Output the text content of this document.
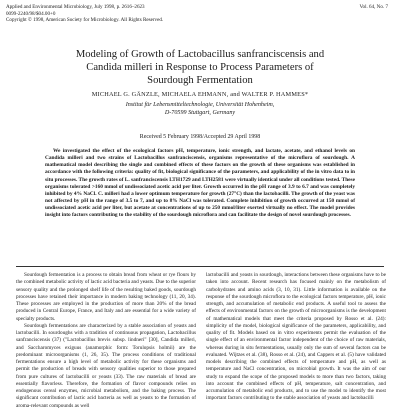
Applied and Environmental Microbiology, July 1998, p. 2616–2623
0099-2240/98/$04.00+0
Copyright © 1998, American Society for Microbiology. All Rights Reserved.
Vol. 64, No. 7
Modeling of Growth of Lactobacillus sanfranciscensis and
Candida milleri in Response to Process Parameters of
Sourdough Fermentation
MICHAEL G. GÄNZLE, MICHAELA EHMANN, and WALTER P. HAMMES*
Institut für Lebensmitteltechnologie, Universität Hohenheim,
D-70599 Stuttgart, Germany
Received 5 February 1998/Accepted 29 April 1998
We investigated the effect of the ecological factors pH, temperature, ionic strength, and lactate, acetate, and ethanol levels on Candida milleri and two strains of Lactobacillus sanfranciscensis, organisms representative of the microflora of sourdough. A mathematical model describing the single and combined effects of these factors on the growth of these organisms was established in accordance with the following criteria: quality of fit, biological significance of the parameters, and applicability of the in vitro data to in situ processes. The growth rates of L. sanfranciscensis LTH1729 and LTH2581 were virtually identical under all conditions tested. These organisms tolerated >160 mmol of undissociated acetic acid per liter. Growth occurred in the pH range of 3.9 to 6.7 and was completely inhibited by 4% NaCl. C. milleri had a lower optimum temperature for growth (27°C) than the lactobacilli. The growth of the yeast was not affected by pH in the range of 3.5 to 7, and up to 8% NaCl was tolerated. Complete inhibition of growth occurred at 150 mmol of undissociated acetic acid per liter, but acetate at concentrations of up to 250 mmol/liter exerted virtually no effect. The model provides insight into factors contributing to the stability of the sourdough microflora and can facilitate the design of novel sourdough processes.

Sourdough fermentation is a process to obtain bread from wheat or rye flours by the combined metabolic activity of lactic acid bacteria and yeasts. Due to the superior sensory quality and the prolonged shelf life of the resulting baked goods, sourdough processes have retained their importance in modern baking technology (11, 20, 34). These processes are employed in the production of more than 20% of the bread produced in Central Europe, France, and Italy and are essential for a wide variety of specialty products.

Sourdough fermentations are characterized by a stable association of yeasts and lactobacilli. In sourdoughs with a tradition of continuous propagation, Lactobacillus sanfranciscensis (37) ("Lactobacillus brevis subsp. lindneri" [30], Candida milleri, and Saccharomyces exiguus (anamorphic form: Torulopsis holmii) are the predominant microorganisms (1, 26, 35). The process conditions of traditional fermentations ensure a high level of metabolic activity for these organisms and permit the production of breads with sensory qualities superior to those prepared from pure cultures of lactobacilli or yeasts (33). The raw materials of bread are essentially flavorless. Therefore, the formation of flavor compounds relies on endogenous cereal enzymes, microbial metabolism, and the baking process. The significant contribution of lactic acid bacteria as well as yeasts to the formation of aroma-relevant compounds as well

lactobacilli and yeasts in sourdough, interactions between these organisms have to be taken into account. Recent research has focused mainly on the metabolism of carbohydrates and amino acids (3, 10, 31). Little information is available on the response of the sourdough microflora to the ecological factors temperature, pH, ionic strength, and accumulation of metabolic end products. A useful tool to assess the effects of environmental factors on the growth of microorganisms is the development of mathematical models that meet the criteria proposed by Rosso et al. (24): simplicity of the model, biological significance of the parameters, applicability, and quality of fit. Models based on in vitro experiments permit the evaluation of the single effect of an environmental factor independent of the choice of raw materials, whereas during in situ fermentations, usually only the sum of several factors can be evaluated. Wijtzes et al. (38), Rosso et al. (24), and Cappers et al. (5) have validated models describing the combined effects of temperature and pH, as well as temperature and NaCl concentration, on microbial growth. It was the aim of our study to expand the scope of the proposed models to more than two factors, taking into account the combined effects of pH, temperature, salt concentration, and accumulation of metabolic end products, and to use the model to identify the most important factors contributing to the stable association of yeasts and lactobacilli
